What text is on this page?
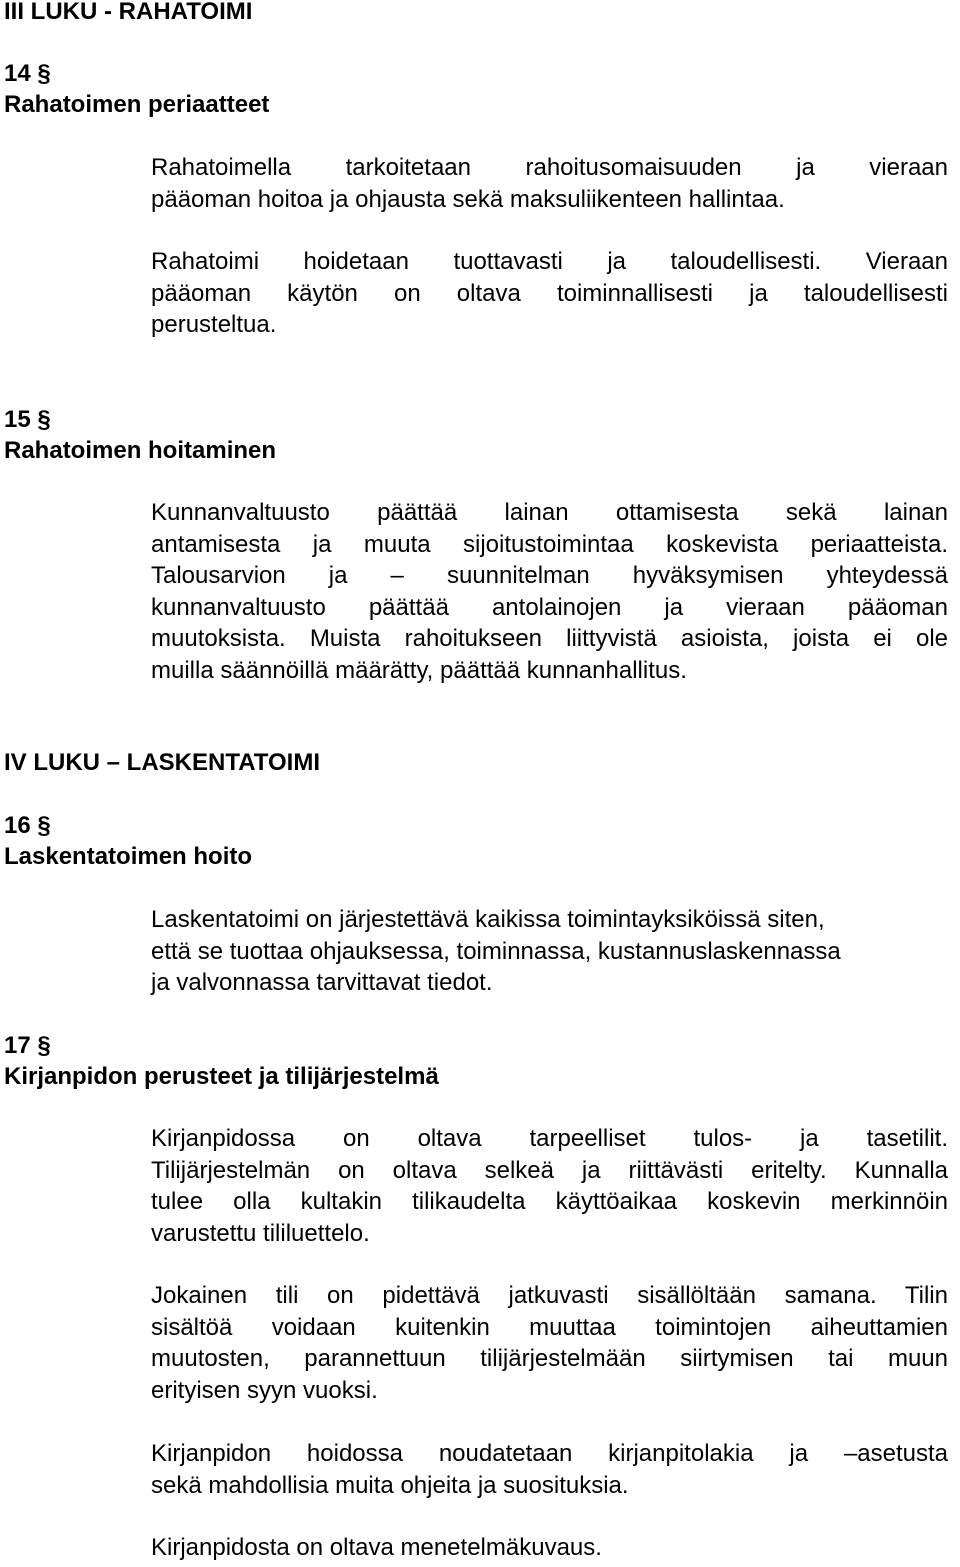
III LUKU - RAHATOIMI
14 §
Rahatoimen periaatteet
Rahatoimella tarkoitetaan rahoitusomaisuuden ja vieraan
pääoman hoitoa ja ohjausta sekä maksuliikenteen hallintaa.
Rahatoimi hoidetaan tuottavasti ja taloudellisesti. Vieraan
pääoman käytön on oltava toiminnallisesti ja taloudellisesti
perusteltua.
15 §
Rahatoimen hoitaminen
Kunnanvaltuusto päättää lainan ottamisesta sekä lainan
antamisesta ja muuta sijoitustoimintaa koskevista periaatteista.
Talousarvion ja – suunnitelman hyväksymisen yhteydessä
kunnanvaltuusto päättää antolainojen ja vieraan pääoman
muutoksista. Muista rahoitukseen liittyvistä asioista, joista ei ole
muilla säännöillä määrätty, päättää kunnanhallitus.
IV LUKU – LASKENTATOIMI
16 §
Laskentatoimen hoito
Laskentatoimi on järjestettävä kaikissa toimintayksiköissä siten,
että se tuottaa ohjauksessa, toiminnassa, kustannuslaskennassa
ja valvonnassa tarvittavat tiedot.
17 §
Kirjanpidon perusteet ja tilijärjestelmä
Kirjanpidossa on oltava tarpeelliset tulos- ja tasetilit.
Tilijärjestelmän on oltava selkeä ja riittävästi eritelty. Kunnalla
tulee olla kultakin tilikaudelta käyttöaikaa koskevin merkinnöin
varustettu tililuettelo.
Jokainen tili on pidettävä jatkuvasti sisällöltään samana. Tilin
sisältöä voidaan kuitenkin muuttaa toimintojen aiheuttamien
muutosten, parannettuun tilijärjestelmään siirtymisen tai muun
erityisen syyn vuoksi.
Kirjanpidon hoidossa noudatetaan kirjanpitolakia ja –asetusta
sekä mahdollisia muita ohjeita ja suosituksia.
Kirjanpidosta on oltava menetelmäkuvaus.
